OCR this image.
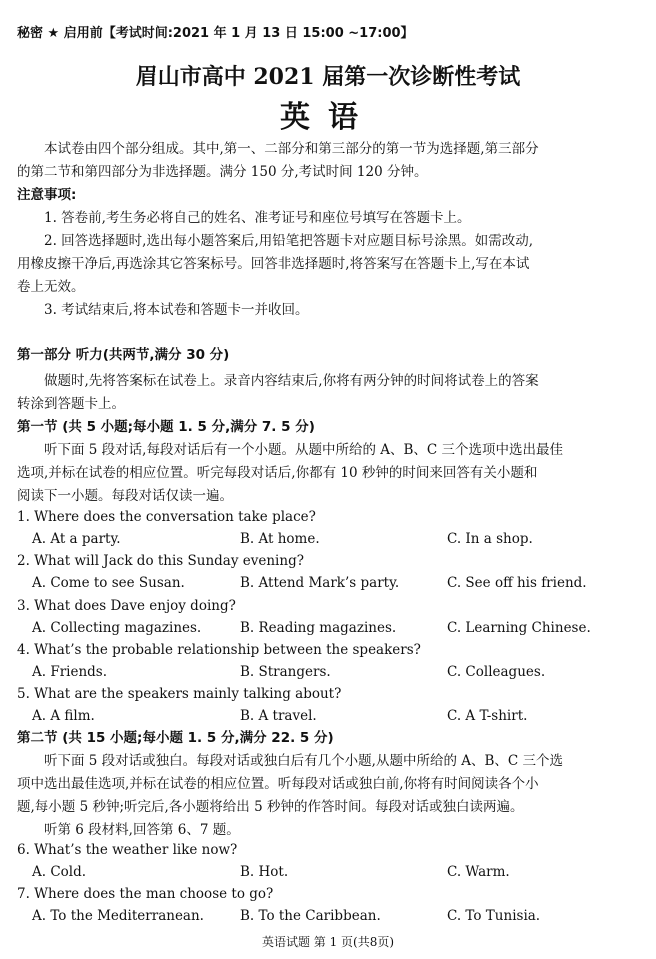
秘密 ★ 启用前【考试时间:2021 年 1 月 13 日 15:00 ~17:00】
眉山市高中 2021 届第一次诊断性考试
英语
本试卷由四个部分组成。其中,第一、二部分和第三部分的第一节为选择题,第三部分
的第二节和第四部分为非选择题。满分 150 分,考试时间 120 分钟。
注意事项:
1. 答卷前,考生务必将自己的姓名、准考证号和座位号填写在答题卡上。
2. 回答选择题时,选出每小题答案后,用铅笔把答题卡对应题目标号涂黑。如需改动,
用橡皮擦干净后,再选涂其它答案标号。回答非选择题时,将答案写在答题卡上,写在本试
卷上无效。
3. 考试结束后,将本试卷和答题卡一并收回。
第一部分 听力(共两节,满分 30 分)
做题时,先将答案标在试卷上。录音内容结束后,你将有两分钟的时间将试卷上的答案
转涂到答题卡上。
第一节 (共 5 小题;每小题 1. 5 分,满分 7. 5 分)
听下面 5 段对话,每段对话后有一个小题。从题中所给的 A、B、C 三个选项中选出最佳
选项,并标在试卷的相应位置。听完每段对话后,你都有 10 秒钟的时间来回答有关小题和
阅读下一小题。每段对话仅读一遍。
1. Where does the conversation take place?
A. At a party.	B. At home.	C. In a shop.
2. What will Jack do this Sunday evening?
A. Come to see Susan.	B. Attend Mark’s party.	C. See off his friend.
3. What does Dave enjoy doing?
A. Collecting magazines.	B. Reading magazines.	C. Learning Chinese.
4. What’s the probable relationship between the speakers?
A. Friends.	B. Strangers.	C. Colleagues.
5. What are the speakers mainly talking about?
A. A film.	B. A travel.	C. A T-shirt.
第二节 (共 15 小题;每小题 1. 5 分,满分 22. 5 分)
听下面 5 段对话或独白。每段对话或独白后有几个小题,从题中所给的 A、B、C 三个选
项中选出最佳选项,并标在试卷的相应位置。听每段对话或独白前,你将有时间阅读各个小
题,每小题 5 秒钟;听完后,各小题将给出 5 秒钟的作答时间。每段对话或独白读两遍。
听第 6 段材料,回答第 6、7 题。
6. What’s the weather like now?
A. Cold.	B. Hot.	C. Warm.
7. Where does the man choose to go?
A. To the Mediterranean.	B. To the Caribbean.	C. To Tunisia.
英语试题 第 1 页(共8页)
